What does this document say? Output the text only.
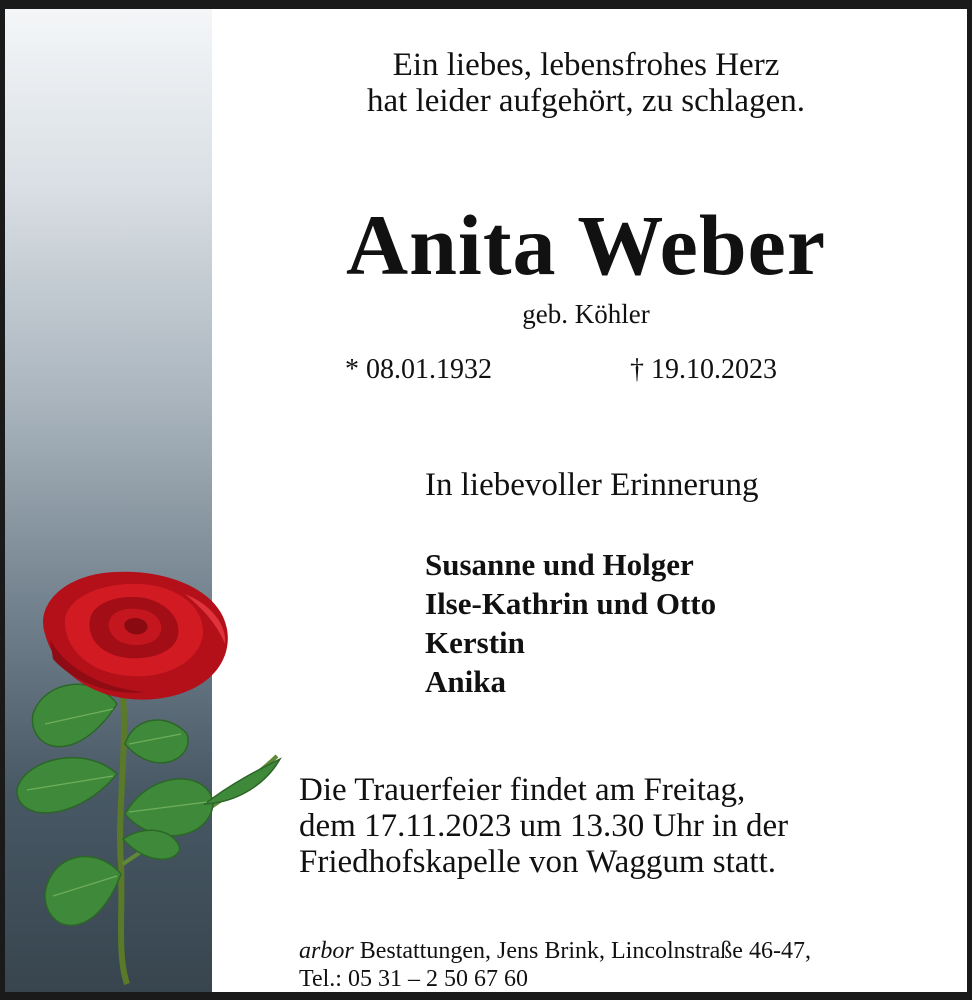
Ein liebes, lebensfrohes Herz
hat leider aufgehört, zu schlagen.
Anita Weber
geb. Köhler
* 08.01.1932	† 19.10.2023
In liebevoller Erinnerung
Susanne und Holger
Ilse-Kathrin und Otto
Kerstin
Anika
Die Trauerfeier findet am Freitag,
dem 17.11.2023 um 13.30 Uhr in der
Friedhofskapelle von Waggum statt.
arbor Bestattungen, Jens Brink, Lincolnstraße 46-47,
Tel.: 05 31 – 2 50 67 60
